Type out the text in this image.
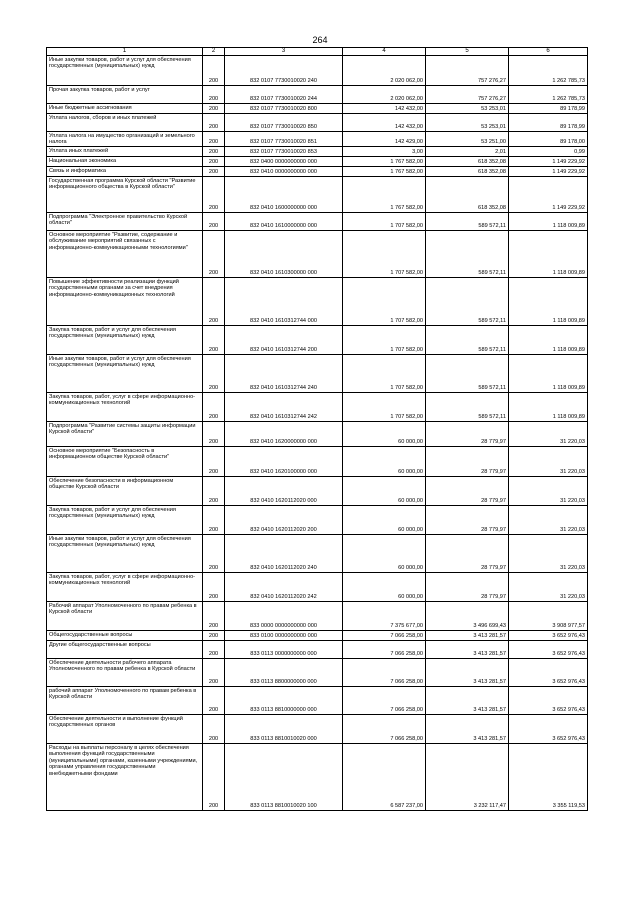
264
1	2	3	4	5	6
Иные закупки товаров, работ и услуг для обеспечения государственных (муниципальных) нужд	200	832 0107 7730010020 240	2 020 062,00	757 276,27	1 262 785,73
Прочая закупка товаров, работ и услуг	200	832 0107 7730010020 244	2 020 062,00	757 276,27	1 262 785,73
Иные бюджетные ассигнования	200	832 0107 7730010020 800	142 432,00	53 253,01	89 178,99
Уплата налогов, сборов и иных платежей	200	832 0107 7730010020 850	142 432,00	53 253,01	89 178,99
Уплата налога на имущество организаций и земельного налога	200	832 0107 7730010020 851	142 429,00	53 251,00	89 178,00
Уплата иных платежей	200	832 0107 7730010020 853	3,00	2,01	0,99
Национальная экономика	200	832 0400 0000000000 000	1 767 582,00	618 352,08	1 149 229,92
Связь и информатика	200	832 0410 0000000000 000	1 767 582,00	618 352,08	1 149 229,92
Государственная программа Курской области "Развитие информационного общества в Курской области"	200	832 0410 1600000000 000	1 767 582,00	618 352,08	1 149 229,92
Подпрограмма "Электронное правительство Курской области"	200	832 0410 1610000000 000	1 707 582,00	589 572,11	1 118 009,89
Основное мероприятие "Развитие, содержание и обслуживание мероприятий связанных с информационно-коммуникационными технологиями"	200	832 0410 1610300000 000	1 707 582,00	589 572,11	1 118 009,89
Повышение эффективности реализации функций государственными органами за счет внедрения информационно-коммуникационных технологий	200	832 0410 1610312744 000	1 707 582,00	589 572,11	1 118 009,89
Закупка товаров, работ и услуг для обеспечения государственных (муниципальных) нужд	200	832 0410 1610312744 200	1 707 582,00	589 572,11	1 118 009,89
Иные закупки товаров, работ и услуг для обеспечения государственных (муниципальных) нужд	200	832 0410 1610312744 240	1 707 582,00	589 572,11	1 118 009,89
Закупка товаров, работ, услуг в сфере информационно-коммуникационных технологий	200	832 0410 1610312744 242	1 707 582,00	589 572,11	1 118 009,89
Подпрограмма "Развитие системы защиты информации Курской области"	200	832 0410 1620000000 000	60 000,00	28 779,97	31 220,03
Основное мероприятие "Безопасность в информационном обществе Курской области"	200	832 0410 1620100000 000	60 000,00	28 779,97	31 220,03
Обеспечение безопасности в информационном обществе Курской области	200	832 0410 1620112020 000	60 000,00	28 779,97	31 220,03
Закупка товаров, работ и услуг для обеспечения государственных (муниципальных) нужд	200	832 0410 1620112020 200	60 000,00	28 779,97	31 220,03
Иные закупки товаров, работ и услуг для обеспечения государственных (муниципальных) нужд	200	832 0410 1620112020 240	60 000,00	28 779,97	31 220,03
Закупка товаров, работ, услуг в сфере информационно-коммуникационных технологий	200	832 0410 1620112020 242	60 000,00	28 779,97	31 220,03
Рабочий аппарат Уполномоченного по правам ребенка в Курской области	200	833 0000 0000000000 000	7 375 677,00	3 496 699,43	3 908 977,57
Общегосударственные вопросы	200	833 0100 0000000000 000	7 066 258,00	3 413 281,57	3 652 976,43
Другие общегосударственные вопросы	200	833 0113 0000000000 000	7 066 258,00	3 413 281,57	3 652 976,43
Обеспечение деятельности рабочего аппарата Уполномоченного по правам ребенка в Курской области	200	833 0113 8800000000 000	7 066 258,00	3 413 281,57	3 652 976,43
рабочий аппарат Уполномоченного по правам ребенка в Курской области	200	833 0113 8810000000 000	7 066 258,00	3 413 281,57	3 652 976,43
Обеспечение деятельности и выполнение функций государственных органов	200	833 0113 8810010020 000	7 066 258,00	3 413 281,57	3 652 976,43
Расходы на выплаты персоналу в целях обеспечения выполнения функций государственными (муниципальными) органами, казенными учреждениями, органами управления государственными внебюджетными фондами	200	833 0113 8810010020 100	6 587 237,00	3 232 117,47	3 355 119,53
